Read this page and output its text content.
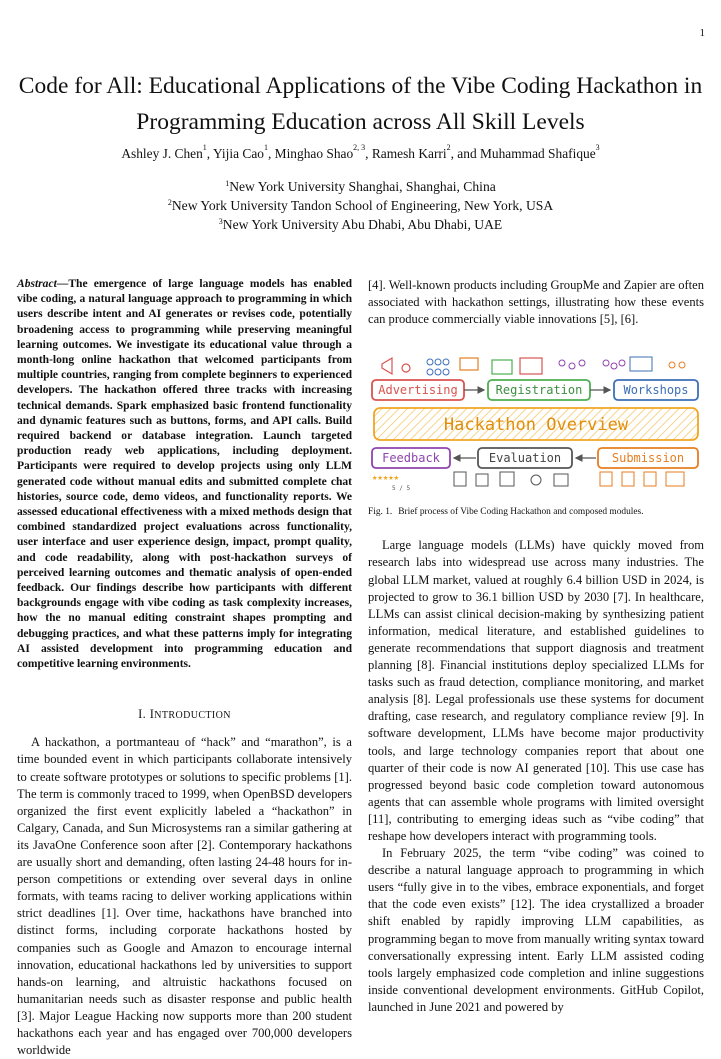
1
Code for All: Educational Applications of the Vibe Coding Hackathon in Programming Education across All Skill Levels
Ashley J. Chen$^1$, Yijia Cao$^1$, Minghao Shao$^{2, 3}$, Ramesh Karri$^2$, and Muhammad Shafique$^3$
$^1$New York University Shanghai, Shanghai, China
$^2$New York University Tandon School of Engineering, New York, USA
$^3$New York University Abu Dhabi, Abu Dhabi, UAE
Abstract—The emergence of large language models has enabled vibe coding, a natural language approach to programming in which users describe intent and AI generates or revises code, potentially broadening access to programming while preserving meaningful learning outcomes. We investigate its educational value through a month-long online hackathon that welcomed participants from multiple countries, ranging from complete beginners to experienced developers. The hackathon offered three tracks with increasing technical demands. Spark emphasized basic frontend functionality and dynamic features such as buttons, forms, and API calls. Build required backend or database integration. Launch targeted production ready web applications, including deployment. Participants were required to develop projects using only LLM generated code without manual edits and submitted complete chat histories, source code, demo videos, and functionality reports. We assessed educational effectiveness with a mixed methods design that combined standardized project evaluations across functionality, user interface and user experience design, impact, prompt quality, and code readability, along with post-hackathon surveys of perceived learning outcomes and thematic analysis of open-ended feedback. Our findings describe how participants with different backgrounds engage with vibe coding as task complexity increases, how the no manual editing constraint shapes prompting and debugging practices, and what these patterns imply for integrating AI assisted development into programming education and competitive learning environments.
I. INTRODUCTION

A hackathon, a portmanteau of “hack” and “marathon”, is a time bounded event in which participants collaborate intensively to create software prototypes or solutions to specific problems [1]. The term is commonly traced to 1999, when OpenBSD developers organized the first event explicitly labeled a “hackathon” in Calgary, Canada, and Sun Microsystems ran a similar gathering at its JavaOne Conference soon after [2]. Contemporary hackathons are usually short and demanding, often lasting 24-48 hours for in-person competitions or extending over several days in online formats, with teams racing to deliver working applications within strict deadlines [1]. Over time, hackathons have branched into distinct forms, including corporate hackathons hosted by companies such as Google and Amazon to encourage internal innovation, educational hackathons led by universities to support hands-on learning, and altruistic hackathons focused on humanitarian needs such as disaster response and public health [3]. Major League Hacking now supports more than 200 student hackathons each year and has engaged over 700,000 developers worldwide

[4]. Well-known products including GroupMe and Zapier are often associated with hackathon settings, illustrating how these events can produce commercially viable innovations [5], [6].

Advertising	Registration	Workshops
Hackathon Overview
Feedback	Evaluation	Submission
★★★★★
5 / 5
Fig. 1. Brief process of Vibe Coding Hackathon and composed modules.

Large language models (LLMs) have quickly moved from research labs into widespread use across many industries. The global LLM market, valued at roughly 6.4 billion USD in 2024, is projected to grow to 36.1 billion USD by 2030 [7]. In healthcare, LLMs can assist clinical decision-making by synthesizing patient information, medical literature, and established guidelines to generate recommendations that support diagnosis and treatment planning [8]. Financial institutions deploy specialized LLMs for tasks such as fraud detection, compliance monitoring, and market analysis [8]. Legal professionals use these systems for document drafting, case research, and regulatory compliance review [9]. In software development, LLMs have become major productivity tools, and large technology companies report that about one quarter of their code is now AI generated [10]. This use case has progressed beyond basic code completion toward autonomous agents that can assemble whole programs with limited oversight [11], contributing to emerging ideas such as “vibe coding” that reshape how developers interact with programming tools.

In February 2025, the term “vibe coding” was coined to describe a natural language approach to programming in which users “fully give in to the vibes, embrace exponentials, and forget that the code even exists” [12]. The idea crystallized a broader shift enabled by rapidly improving LLM capabilities, as programming began to move from manually writing syntax toward conversationally expressing intent. Early LLM assisted coding tools largely emphasized code completion and inline suggestions inside conventional development environments. GitHub Copilot, launched in June 2021 and powered by
